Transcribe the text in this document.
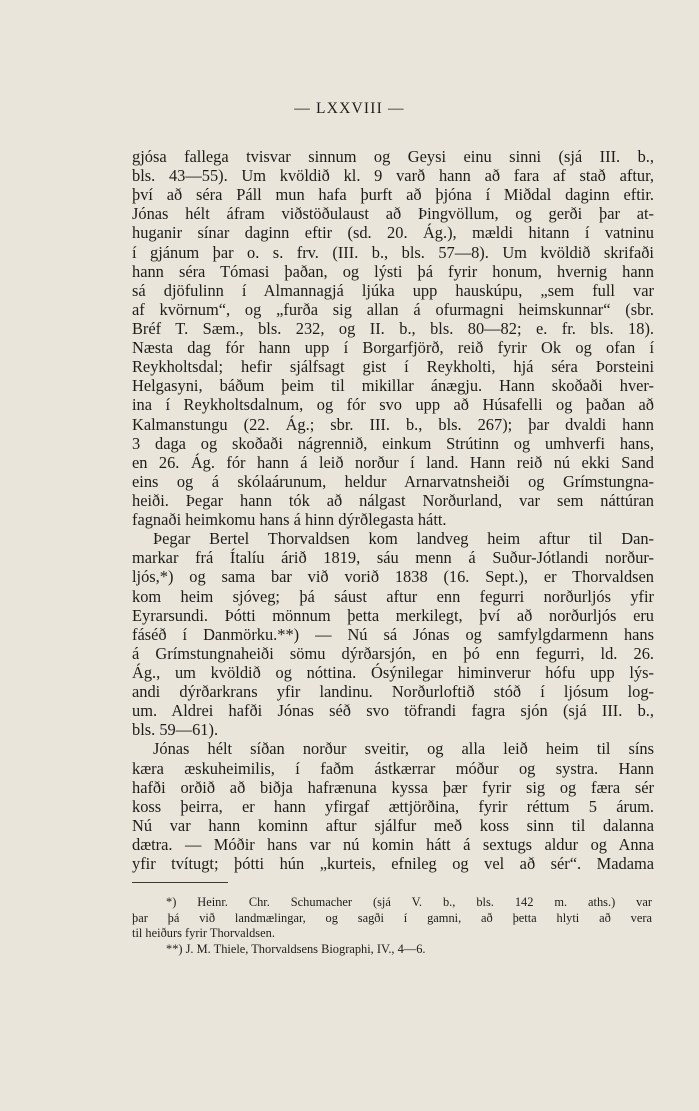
— LXXVIII —
gjósa fallega tvisvar sinnum og Geysi einu sinni (sjá III. b.,
bls. 43—55). Um kvöldið kl. 9 varð hann að fara af stað aftur,
því að séra Páll mun hafa þurft að þjóna í Miðdal daginn eftir.
Jónas hélt áfram viðstöðulaust að Þingvöllum, og gerði þar at-
huganir sínar daginn eftir (sd. 20. Ág.), mældi hitann í vatninu
í gjánum þar o. s. frv. (III. b., bls. 57—8). Um kvöldið skrifaði
hann séra Tómasi þaðan, og lýsti þá fyrir honum, hvernig hann
sá djöfulinn í Almannagjá ljúka upp hauskúpu, „sem full var
af kvörnum“, og „furða sig allan á ofurmagni heimskunnar“ (sbr.
Bréf T. Sæm., bls. 232, og II. b., bls. 80—82; e. fr. bls. 18).
Næsta dag fór hann upp í Borgarfjörð, reið fyrir Ok og ofan í
Reykholtsdal; hefir sjálfsagt gist í Reykholti, hjá séra Þorsteini
Helgasyni, báðum þeim til mikillar ánægju. Hann skoðaði hver-
ina í Reykholtsdalnum, og fór svo upp að Húsafelli og þaðan að
Kalmanstungu (22. Ág.; sbr. III. b., bls. 267); þar dvaldi hann
3 daga og skoðaði nágrennið, einkum Strútinn og umhverfi hans,
en 26. Ág. fór hann á leið norður í land. Hann reið nú ekki Sand
eins og á skólaárunum, heldur Arnarvatnsheiði og Grímstungna-
heiði. Þegar hann tók að nálgast Norðurland, var sem náttúran
fagnaði heimkomu hans á hinn dýrðlegasta hátt.
Þegar Bertel Thorvaldsen kom landveg heim aftur til Dan-
markar frá Ítalíu árið 1819, sáu menn á Suður-Jótlandi norður-
ljós,*) og sama bar við vorið 1838 (16. Sept.), er Thorvaldsen
kom heim sjóveg; þá sáust aftur enn fegurri norðurljós yfir
Eyrarsundi. Þótti mönnum þetta merkilegt, því að norðurljós eru
fáséð í Danmörku.**) — Nú sá Jónas og samfylgdarmenn hans
á Grímstungnaheiði sömu dýrðarsjón, en þó enn fegurri, ld. 26.
Ág., um kvöldið og nóttina. Ósýnilegar himinverur hófu upp lýs-
andi dýrðarkrans yfir landinu. Norðurloftið stóð í ljósum log-
um. Aldrei hafði Jónas séð svo töfrandi fagra sjón (sjá III. b.,
bls. 59—61).
Jónas hélt síðan norður sveitir, og alla leið heim til síns
kæra æskuheimilis, í faðm ástkærrar móður og systra. Hann
hafði orðið að biðja hafrænuna kyssa þær fyrir sig og færa sér
koss þeirra, er hann yfirgaf ættjörðina, fyrir réttum 5 árum.
Nú var hann kominn aftur sjálfur með koss sinn til dalanna
dætra. — Móðir hans var nú komin hátt á sextugs aldur og Anna
yfir tvítugt; þótti hún „kurteis, efnileg og vel að sér“. Madama
*) Heinr. Chr. Schumacher (sjá V. b., bls. 142 m. aths.) var
þar þá við landmælingar, og sagði í gamni, að þetta hlyti að vera
til heiðurs fyrir Thorvaldsen.
**) J. M. Thiele, Thorvaldsens Biographi, IV., 4—6.
